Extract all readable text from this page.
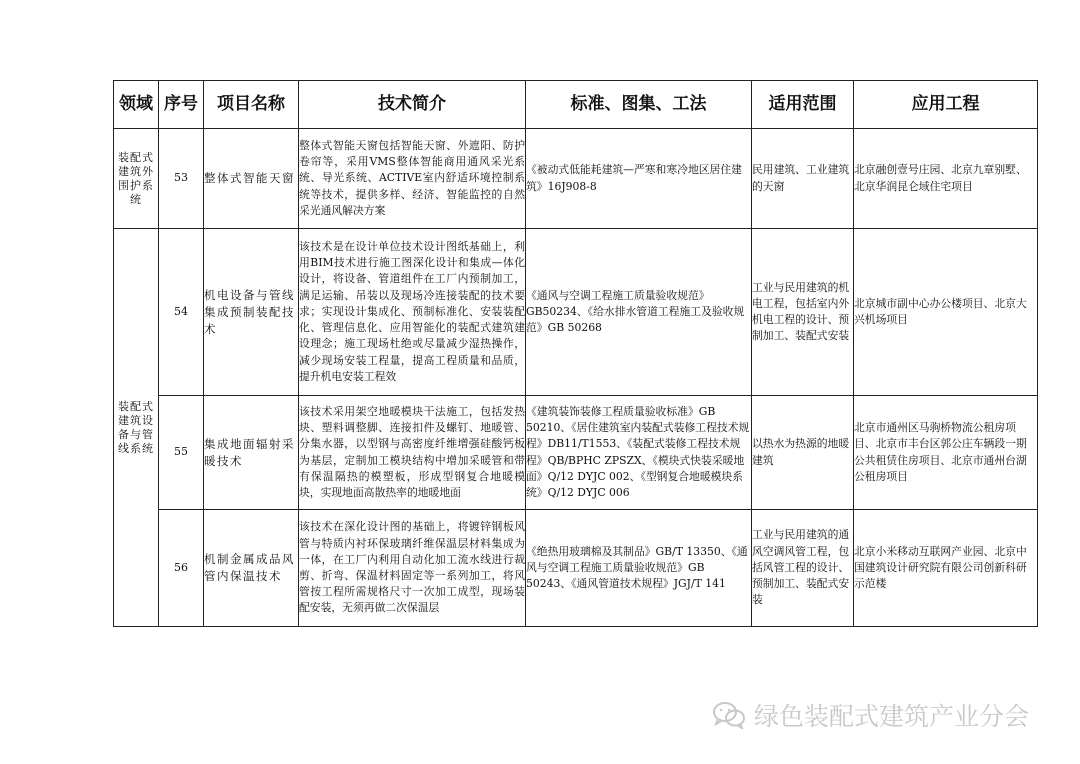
领域	序号	项目名称	技术简介	标准、图集、工法	适用范围	应用工程
装配式建筑外围护系统	53	整体式智能天窗	整体式智能天窗包括智能天窗、外遮阳、防护卷帘等，采用VMS整体智能商用通风采光系统、导光系统、ACTIVE室内舒适环境控制系统等技术，提供多样、经济、智能监控的自然采光通风解决方案	《被动式低能耗建筑—严寒和寒冷地区居住建筑》16J908-8	民用建筑、工业建筑的天窗	北京融创壹号庄园、北京九章别墅、北京华润昆仑域住宅项目
装配式建筑设备与管线系统	54	机电设备与管线集成预制装配技术	该技术是在设计单位技术设计图纸基础上，利用BIM技术进行施工图深化设计和集成—体化设计，将设备、管道组件在工厂内预制加工，满足运输、吊装以及现场冷连接装配的技术要求；实现设计集成化、预制标准化、安装装配化、管理信息化、应用智能化的装配式建筑建设理念；施工现场杜绝或尽量减少湿热操作，减少现场安装工程量，提高工程质量和品质，提升机电安装工程效	《通风与空调工程施工质量验收规范》GB50234、《给水排水管道工程施工及验收规范》GB 50268	工业与民用建筑的机电工程，包括室内外机电工程的设计、预制加工、装配式安装	北京城市副中心办公楼项目、北京大兴机场项目
	55	集成地面辐射采暖技术	该技术采用架空地暖模块干法施工，包括发热块、塑料调整脚、连接扣件及螺钉、地暖管、分集水器，以型钢与高密度纤维增强硅酸钙板为基层，定制加工模块结构中增加采暖管和带有保温隔热的模塑板，形成型钢复合地暖模块，实现地面高散热率的地暖地面	《建筑装饰装修工程质量验收标准》GB 50210、《居住建筑室内装配式装修工程技术规程》DB11/T1553、《装配式装修工程技术规程》QB/BPHC ZPSZX、《模块式快装采暖地面》Q/12 DYJC 002、《型钢复合地暖模块系统》Q/12 DYJC 006	以热水为热源的地暖建筑	北京市通州区马驹桥物流公租房项目、北京市丰台区郭公庄车辆段一期公共租赁住房项目、北京市通州台湖公租房项目
	56	机制金属成品风管内保温技术	该技术在深化设计图的基础上，将镀锌钢板风管与特质内衬环保玻璃纤维保温层材料集成为一体，在工厂内利用自动化加工流水线进行裁剪、折弯、保温材料固定等一系列加工，将风管按工程所需规格尺寸一次加工成型，现场装配安装，无须再做二次保温层	《绝热用玻璃棉及其制品》GB/T 13350、《通风与空调工程施工质量验收规范》GB 50243、《通风管道技术规程》JGJ/T 141	工业与民用建筑的通风空调风管工程，包括风管工程的设计、预制加工、装配式安装	北京小米移动互联网产业园、北京中国建筑设计研究院有限公司创新科研示范楼
绿色装配式建筑产业分会
